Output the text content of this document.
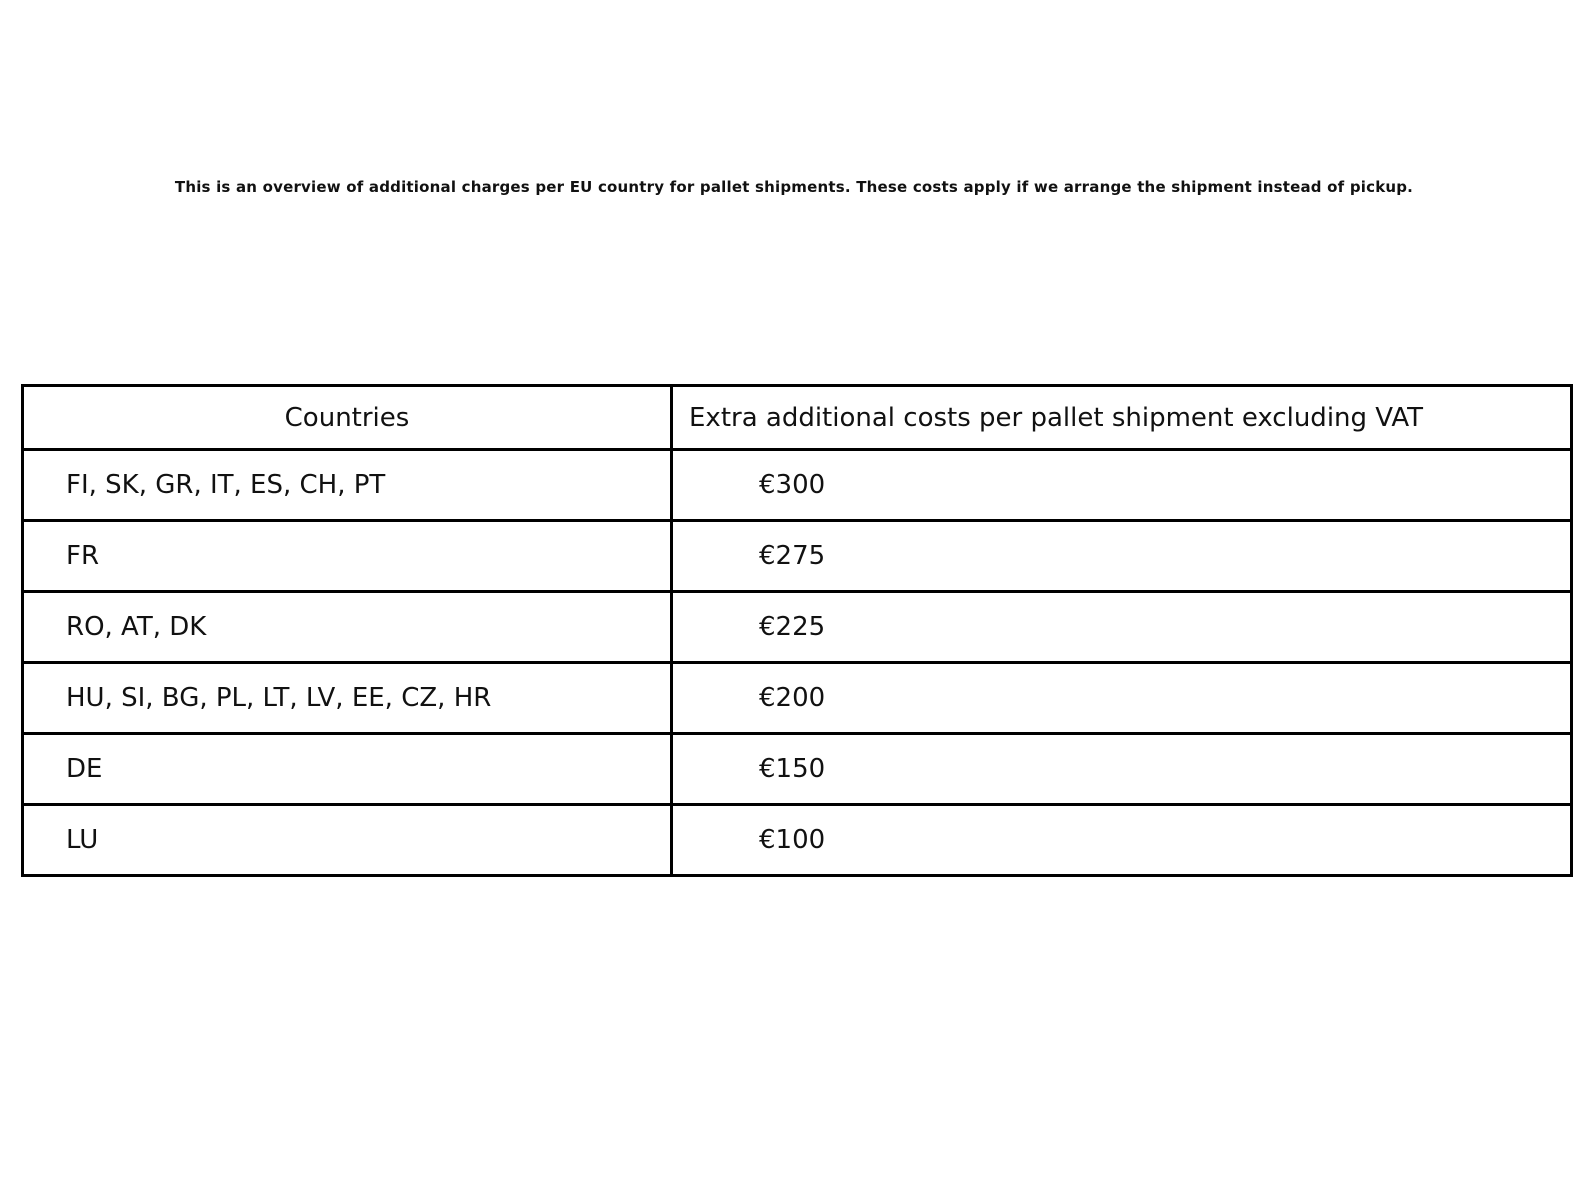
This is an overview of additional charges per EU country for pallet shipments. These costs apply if we arrange the shipment instead of pickup.

Countries	Extra additional costs per pallet shipment excluding VAT
FI, SK, GR, IT, ES, CH, PT	€300
FR	€275
RO, AT, DK	€225
HU, SI, BG, PL, LT, LV, EE, CZ, HR	€200
DE	€150
LU	€100
